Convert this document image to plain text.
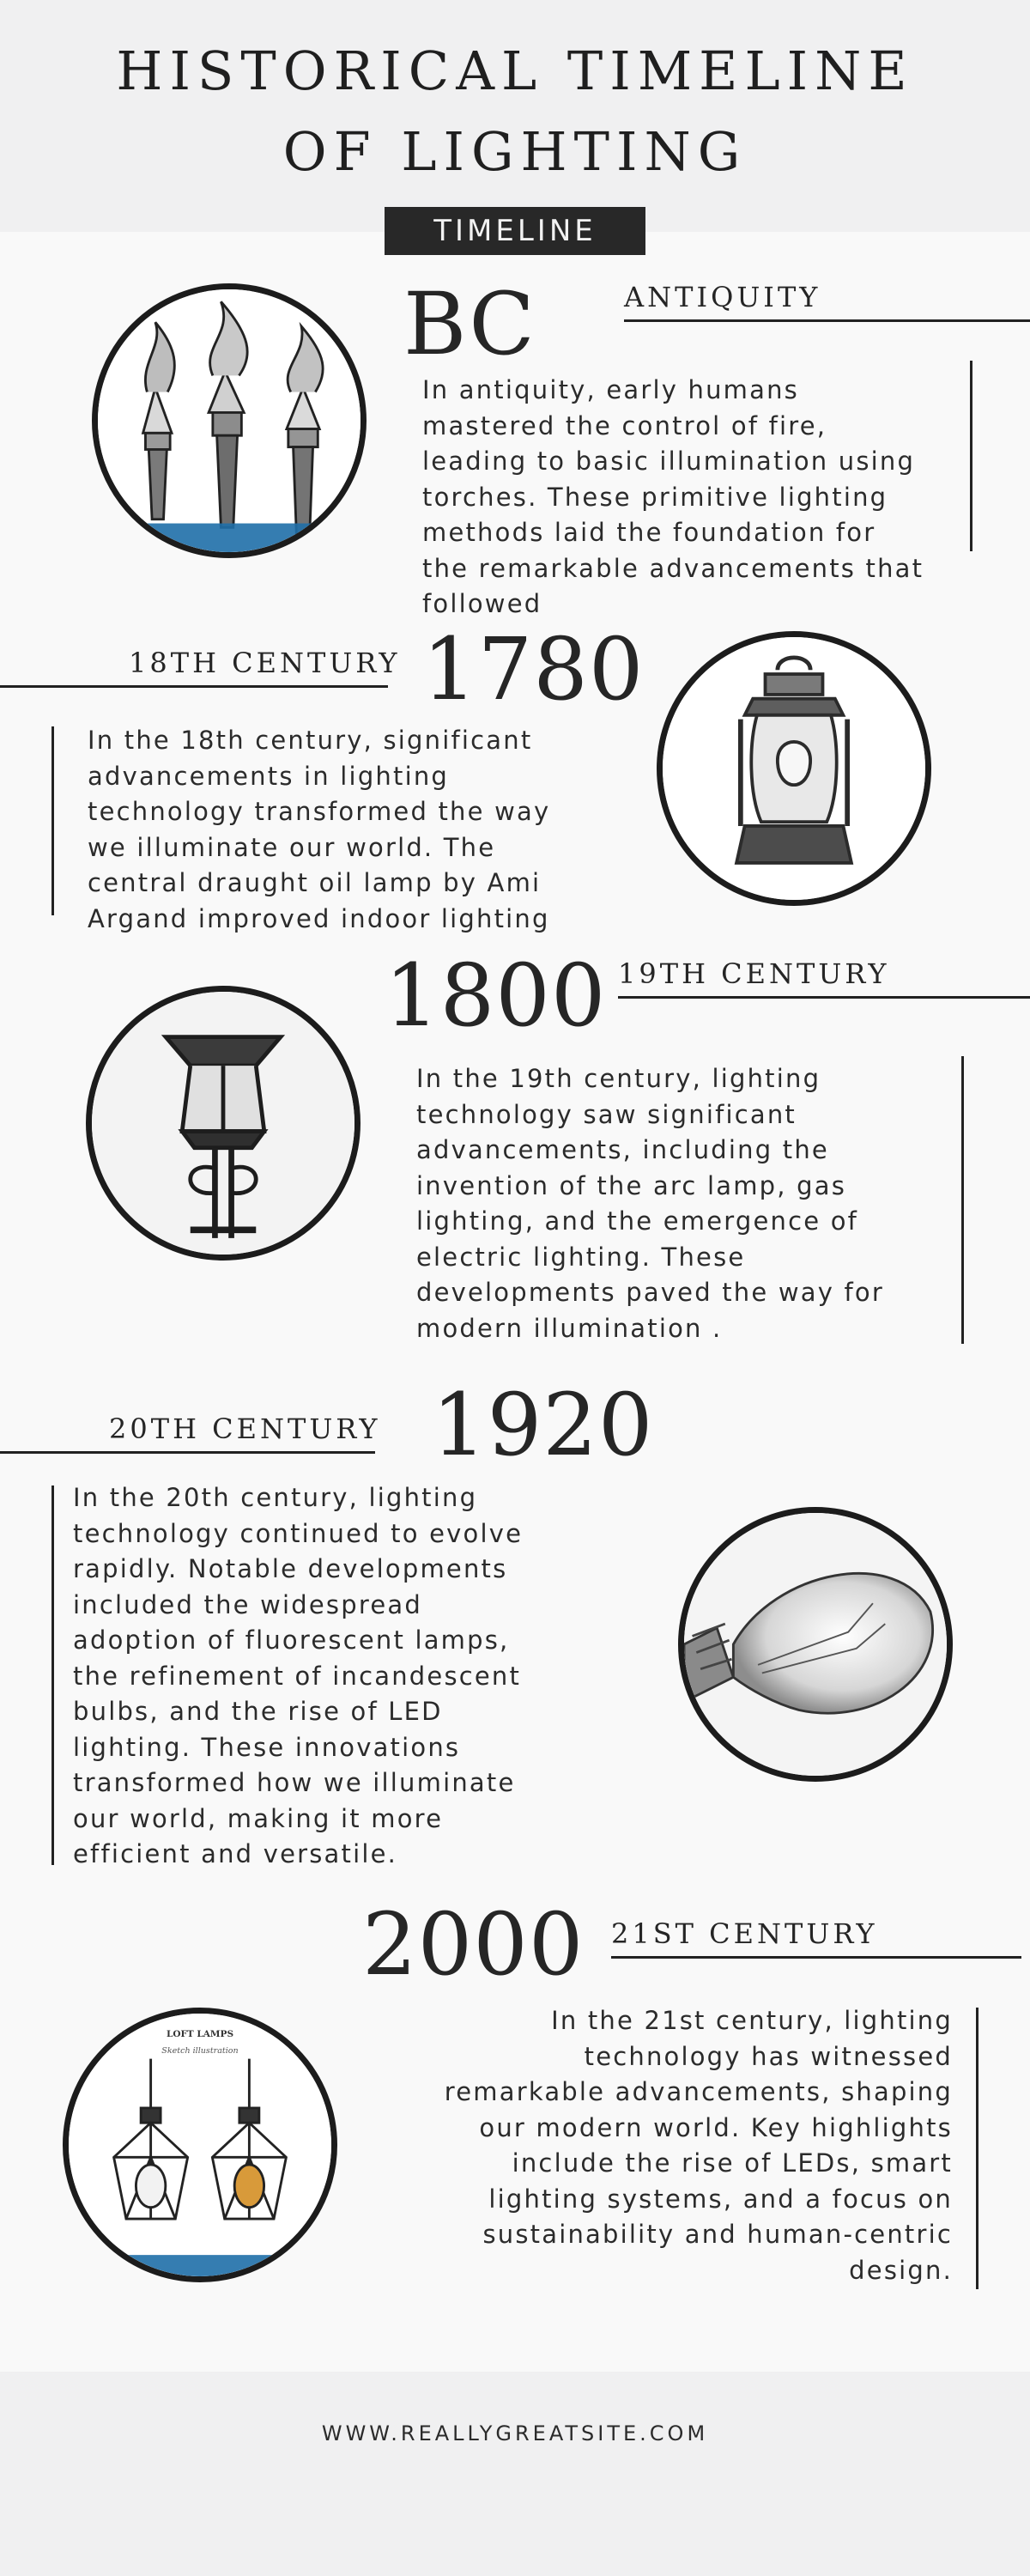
HISTORICAL TIMELINE
OF LIGHTING
TIMELINE
BC	ANTIQUITY
In antiquity, early humans
mastered the control of fire,
leading to basic illumination using
torches. These primitive lighting
methods laid the foundation for
the remarkable advancements that
followed
18TH CENTURY 1780
In the 18th century, significant
advancements in lighting
technology transformed the way
we illuminate our world. The
central draught oil lamp by Ami
Argand improved indoor lighting
1800 19TH CENTURY
In the 19th century, lighting
technology saw significant
advancements, including the
invention of the arc lamp, gas
lighting, and the emergence of
electric lighting. These
developments paved the way for
modern illumination .
20TH CENTURY 1920
In the 20th century, lighting
technology continued to evolve
rapidly. Notable developments
included the widespread
adoption of fluorescent lamps,
the refinement of incandescent
bulbs, and the rise of LED
lighting. These innovations
transformed how we illuminate
our world, making it more
efficient and versatile.
2000 21ST CENTURY
LOFT LAMPS
Sketch illustration
In the 21st century, lighting
technology has witnessed
remarkable advancements, shaping
our modern world. Key highlights
include the rise of LEDs, smart
lighting systems, and a focus on
sustainability and human-centric
design.
WWW.REALLYGREATSITE.COM
